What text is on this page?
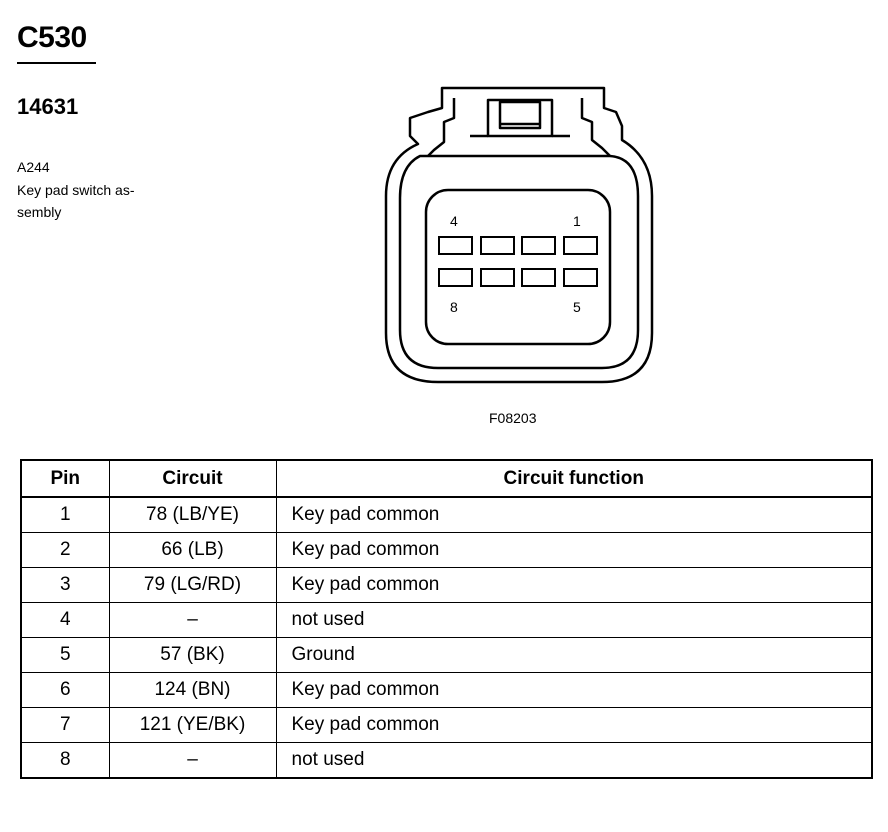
C530
14631
A244
Key pad switch as-sembly
4	1
8	5
F08203
Pin	Circuit	Circuit function
1	78 (LB/YE)	Key pad common
2	66 (LB)	Key pad common
3	79 (LG/RD)	Key pad common
4	–	not used
5	57 (BK)	Ground
6	124 (BN)	Key pad common
7	121 (YE/BK)	Key pad common
8	–	not used
